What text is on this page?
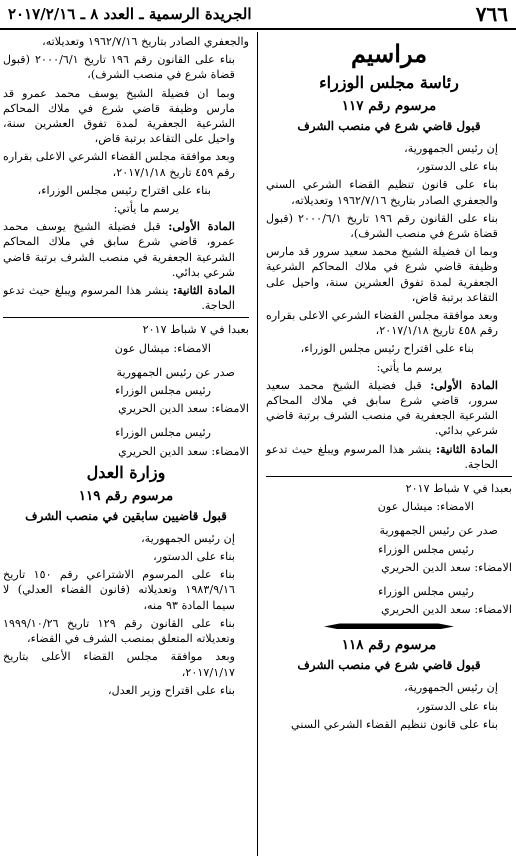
٧٦٦
الجريدة الرسمية ـ العدد ٨ ـ ٢٠١٧/٢/١٦
مراسيم
رئاسة مجلس الوزراء
مرسوم رقم ١١٧
قبول قاضي شرع في منصب الشرف

إن رئيس الجمهورية،

بناء على الدستور،

بناء على قانون تنظيم القضاء الشرعي السني والجعفري الصادر بتاريخ ١٩٦٢/٧/١٦ وتعديلاته،

بناء على القانون رقم ١٩٦ تاريخ ٢٠٠٠/٦/١ (قبول قضاة شرع في منصب الشرف)،

وبما ان فضيلة الشيخ محمد سعيد سرور قد مارس وظيفة قاضي شرع في ملاك المحاكم الشرعية الجعفرية لمدة تفوق العشرين سنة، واحيل على التقاعد برتبة قاض،

وبعد موافقة مجلس القضاء الشرعي الاعلى بقراره رقم ٤٥٨ تاريخ ٢٠١٧/١/١٨،

بناء على اقتراح رئيس مجلس الوزراء،

يرسم ما يأتي:

المادة الأولى: قبل فضيلة الشيخ محمد سعيد سرور، قاضي شرع سابق في ملاك المحاكم الشرعية الجعفرية في منصب الشرف برتبة قاضي شرعي بدائي.

المادة الثانية: ينشر هذا المرسوم ويبلغ حيث تدعو الحاجة.

بعبدا في ٧ شباط ٢٠١٧

الامضاء: ميشال عون

صدر عن رئيس الجمهورية

رئيس مجلس الوزراء

الامضاء: سعد الدين الحريري

رئيس مجلس الوزراء

الامضاء: سعد الدين الحريري

مرسوم رقم ١١٨
قبول قاضي شرع في منصب الشرف

إن رئيس الجمهورية،

بناء على الدستور،

بناء على قانون تنظيم القضاء الشرعي السني

والجعفري الصادر بتاريخ ١٩٦٢/٧/١٦ وتعديلاته،

بناء على القانون رقم ١٩٦ تاريخ ٢٠٠٠/٦/١ (قبول قضاة شرع في منصب الشرف)،

وبما ان فضيلة الشيخ يوسف محمد عمرو قد مارس وظيفة قاضي شرع في ملاك المحاكم الشرعية الجعفرية لمدة تفوق العشرين سنة، واحيل على التقاعد برتبة قاض،

وبعد موافقة مجلس القضاء الشرعي الاعلى بقراره رقم ٤٥٩ تاريخ ٢٠١٧/١/١٨،

بناء على اقتراح رئيس مجلس الوزراء،

يرسم ما يأتي:

المادة الأولى: قبل فضيلة الشيخ يوسف محمد عمرو، قاضي شرع سابق في ملاك المحاكم الشرعية الجعفرية في منصب الشرف برتبة قاضي شرعي بدائي.

المادة الثانية: ينشر هذا المرسوم ويبلغ حيث تدعو الحاجة.

بعبدا في ٧ شباط ٢٠١٧

الامضاء: ميشال عون

صدر عن رئيس الجمهورية

رئيس مجلس الوزراء

الامضاء: سعد الدين الحريري

رئيس مجلس الوزراء

الامضاء: سعد الدين الحريري

وزارة العدل
مرسوم رقم ١١٩
قبول قاضيين سابقين في منصب الشرف

إن رئيس الجمهورية،

بناء على الدستور،

بناء على المرسوم الاشتراعي رقم ١٥٠ تاريخ ١٩٨٣/٩/١٦ وتعديلاته (قانون القضاء العدلي) لا سيما المادة ٩٣ منه،

بناء على القانون رقم ١٢٩ تاريخ ١٩٩٩/١٠/٢٦ وتعديلاته المتعلق بمنصب الشرف في القضاء،

وبعد موافقة مجلس القضاء الأعلى بتاريخ ٢٠١٧/١/١٧،

بناء على اقتراح وزير العدل،
